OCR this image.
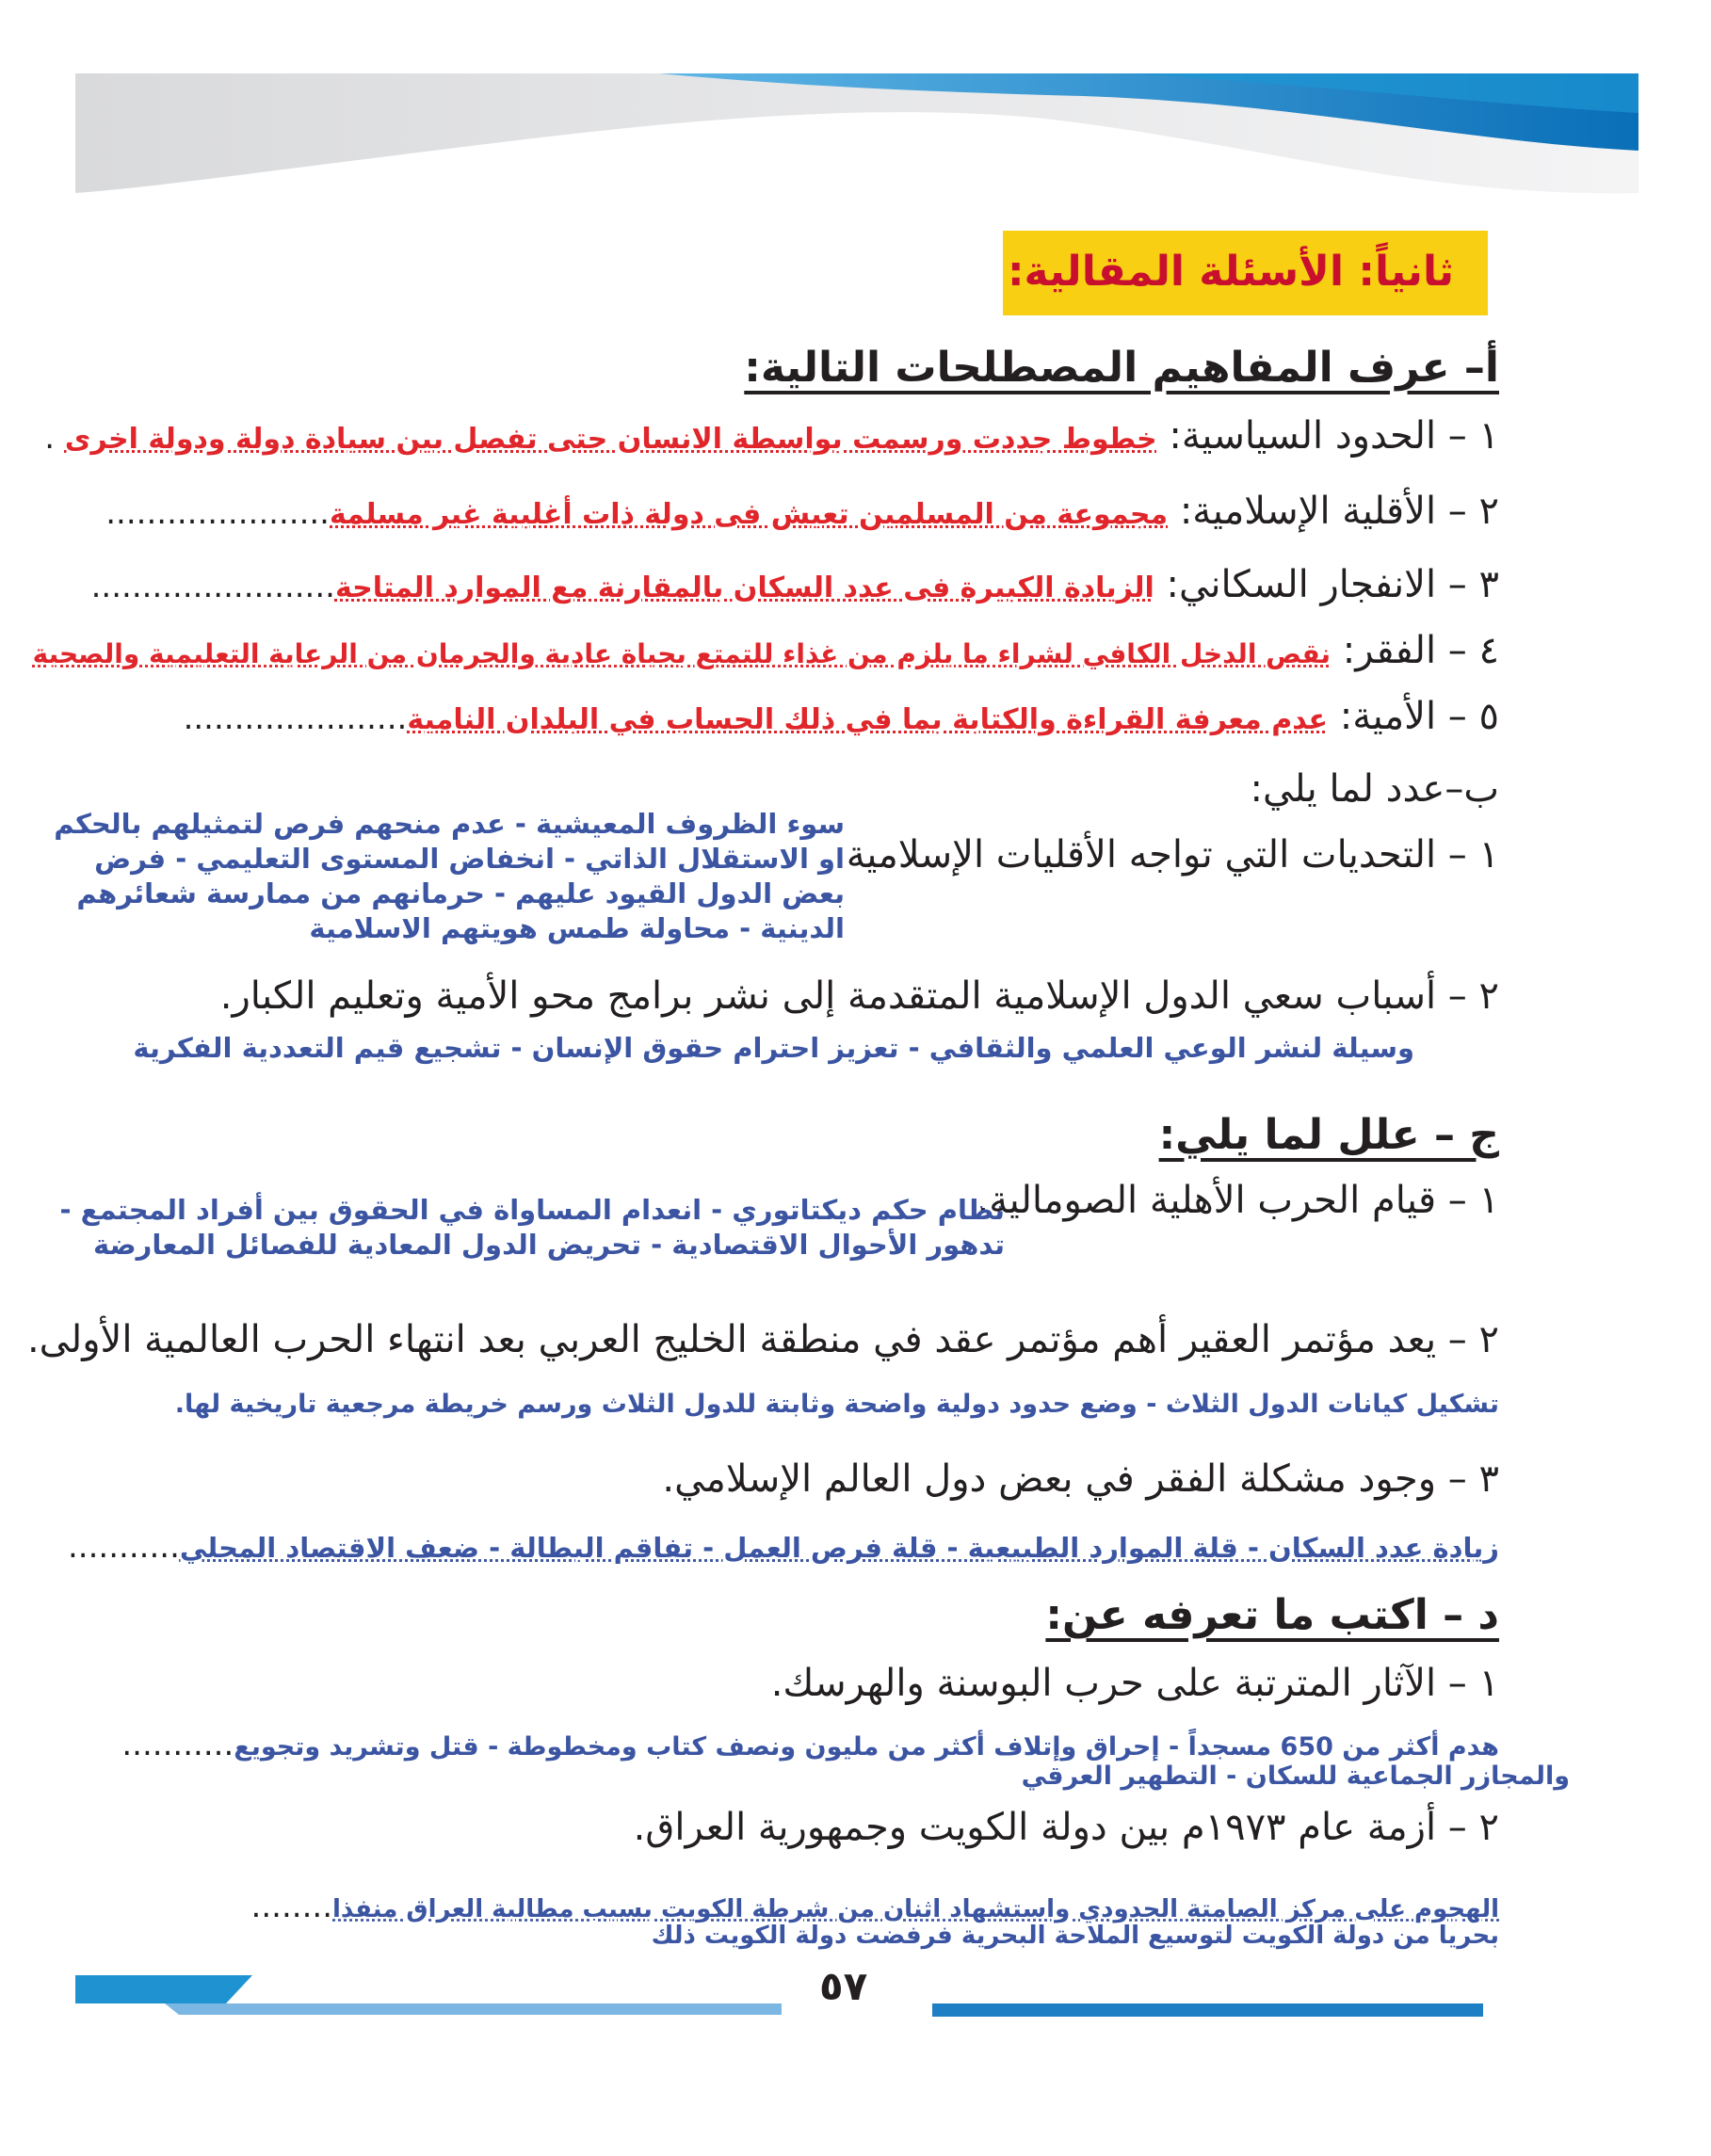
ثانياً: الأسئلة المقالية:
أ– عرف المفاهيم المصطلحات التالية:
١ – الحدود السياسية: خطوط جددت ورسمت بواسطة الانسان حتى تفصل بين سيادة دولة ودولة اخرى .
٢ – الأقلية الإسلامية: مجموعة من المسلمين تعيش فى دولة ذات أغلبية غير مسلمة......................
٣ – الانفجار السكاني: الزيادة الكبيرة فى عدد السكان بالمقارنة مع الموارد المتاحة........................
٤ – الفقر: نقص الدخل الكافي لشراء ما يلزم من غذاء للتمتع بحياة عادية والحرمان من الرعاية التعليمية والصحية
٥ – الأمية: عدم معرفة القراءة والكتابة بما في ذلك الحساب في البلدان النامية......................
ب–عدد لما يلي:
١ – التحديات التي تواجه الأقليات الإسلامية.
سوء الظروف المعيشية - عدم منحهم فرص لتمثيلهم بالحكم
او الاستقلال الذاتي - انخفاض المستوى التعليمي - فرض
بعض الدول القيود عليهم - حرمانهم من ممارسة شعائرهم
الدينية - محاولة طمس هويتهم الاسلامية
٢ – أسباب سعي الدول الإسلامية المتقدمة إلى نشر برامج محو الأمية وتعليم الكبار.
وسيلة لنشر الوعي العلمي والثقافي - تعزيز احترام حقوق الإنسان - تشجيع قيم التعددية الفكرية
ج – علل لما يلي:
١ – قيام الحرب الأهلية الصومالية.
نظام حكم ديكتاتوري - انعدام المساواة في الحقوق بين أفراد المجتمع -
تدهور الأحوال الاقتصادية - تحريض الدول المعادية للفصائل المعارضة
٢ – يعد مؤتمر العقير أهم مؤتمر عقد في منطقة الخليج العربي بعد انتهاء الحرب العالمية الأولى.
تشكيل كيانات الدول الثلاث - وضع حدود دولية واضحة وثابتة للدول الثلاث ورسم خريطة مرجعية تاريخية لها.
٣ – وجود مشكلة الفقر في بعض دول العالم الإسلامي.
زيادة عدد السكان - قلة الموارد الطبيعية - قلة فرص العمل - تفاقم البطالة - ضعف الاقتصاد المحلي...........
د – اكتب ما تعرفه عن:
١ – الآثار المترتبة على حرب البوسنة والهرسك.
هدم أكثر من 650 مسجداً - إحراق وإتلاف أكثر من مليون ونصف كتاب ومخطوطة - قتل وتشريد وتجويع...........
والمجازر الجماعية للسكان - التطهير العرقي
٢ – أزمة عام ١٩٧٣م بين دولة الكويت وجمهورية العراق.
الهجوم على مركز الصامتة الحدودي واستشهاد اثنان من شرطة الكويت بسبب مطالبة العراق منفذا........
بحريا من دولة الكويت لتوسيع الملاحة البحرية فرفضت دولة الكويت ذلك
٥٧
